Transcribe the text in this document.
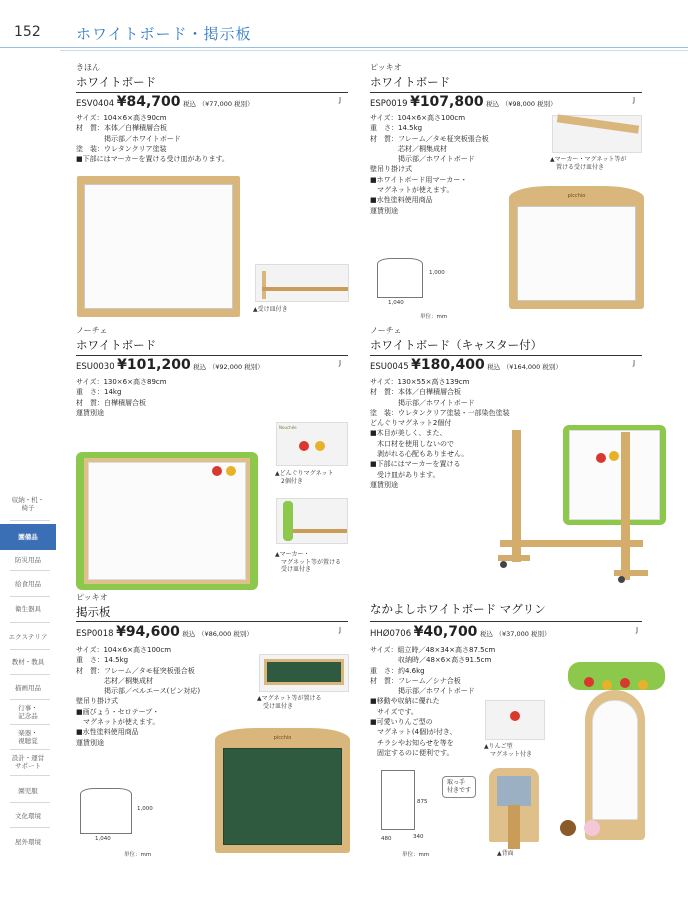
152 ホワイトボード・掲示板
収納・机・
椅子
園備品
防災用品
給食用品
衛生器具
エクステリア
教材・教具
描画用品
行事・
記念品
楽器・
視聴覚
設計・運営
サポート
園児服
文化環境
屋外環境
きほん
ホワイトボード
ESV0404 ¥84,700 税込 （¥77,000 税別）	J
サイズ：104×6×高さ90cm
材　質：本体／白樺積層合板
　　　　掲示部／ホワイトボード
塗　装：ウレタンクリア塗装
■下部にはマーカーを置ける受け皿があります。
▲受け皿付き
ピッキオ
ホワイトボード
ESP0019 ¥107,800 税込 （¥98,000 税別）	J
サイズ：104×6×高さ100cm
重　さ：14.5kg
材　質：フレーム／タモ柾突板張合板
　　　　芯材／桐集成材
　　　　掲示部／ホワイトボード
壁吊り掛け式
■ホワイトボード用マーカー・
　マグネットが使えます。
■水性塗料使用商品
運賃別途
▲マーカー・マグネット等が
　置ける受け皿付き
picchio
1,000
1,040
単位：mm
ノーチェ
ホワイトボード
ESU0030 ¥101,200 税込 （¥92,000 税別）	J
サイズ：130×6×高さ89cm
重　さ：14kg
材　質：白樺積層合板
運賃別途
Nouchée
▲どんぐりマグネット
　2個付き
▲マーカー・
　マグネット等が置ける
　受け皿付き
ノーチェ
ホワイトボード（キャスター付）
ESU0045 ¥180,400 税込 （¥164,000 税別）	J
サイズ：130×55×高さ139cm
材　質：本体／白樺積層合板
　　　　掲示部／ホワイトボード
塗　装：ウレタンクリア塗装・一部染色塗装
どんぐりマグネット2個付
■木目が美しく、また、
　木口材を使用しないので
　剥がれる心配もありません。
■下部にはマーカーを置ける
　受け皿があります。
運賃別途
ピッキオ
掲示板
ESP0018 ¥94,600 税込 （¥86,000 税別）	J
サイズ：104×6×高さ100cm
重　さ：14.5kg
材　質：フレーム／タモ柾突板張合板
　　　　芯材／桐集成材
　　　　掲示部／ベルエース(ピン対応)
壁吊り掛け式
■画びょう・セロテープ・
　マグネットが使えます。
■水性塗料使用商品
運賃別途
▲マグネット等が置ける
　受け皿付き
picchio
1,000
1,040
単位：mm
なかよしホワイトボード マグリン
HHØ0706 ¥40,700 税込 （¥37,000 税別）	J
サイズ：組立時／48×34×高さ87.5cm
　　　　収納時／48×6×高さ91.5cm
重　さ：約4.6kg
材　質：フレーム／シナ合板
　　　　掲示部／ホワイトボード
■移動や収納に優れた
　サイズです。
■可愛いりんご型の
　マグネット(4個)が付き、
　チラシやお知らせを等を
　固定するのに便利です。
▲りんご型
　マグネット付き
875
480	340
単位：mm
取っ手
付きです
▲背面
